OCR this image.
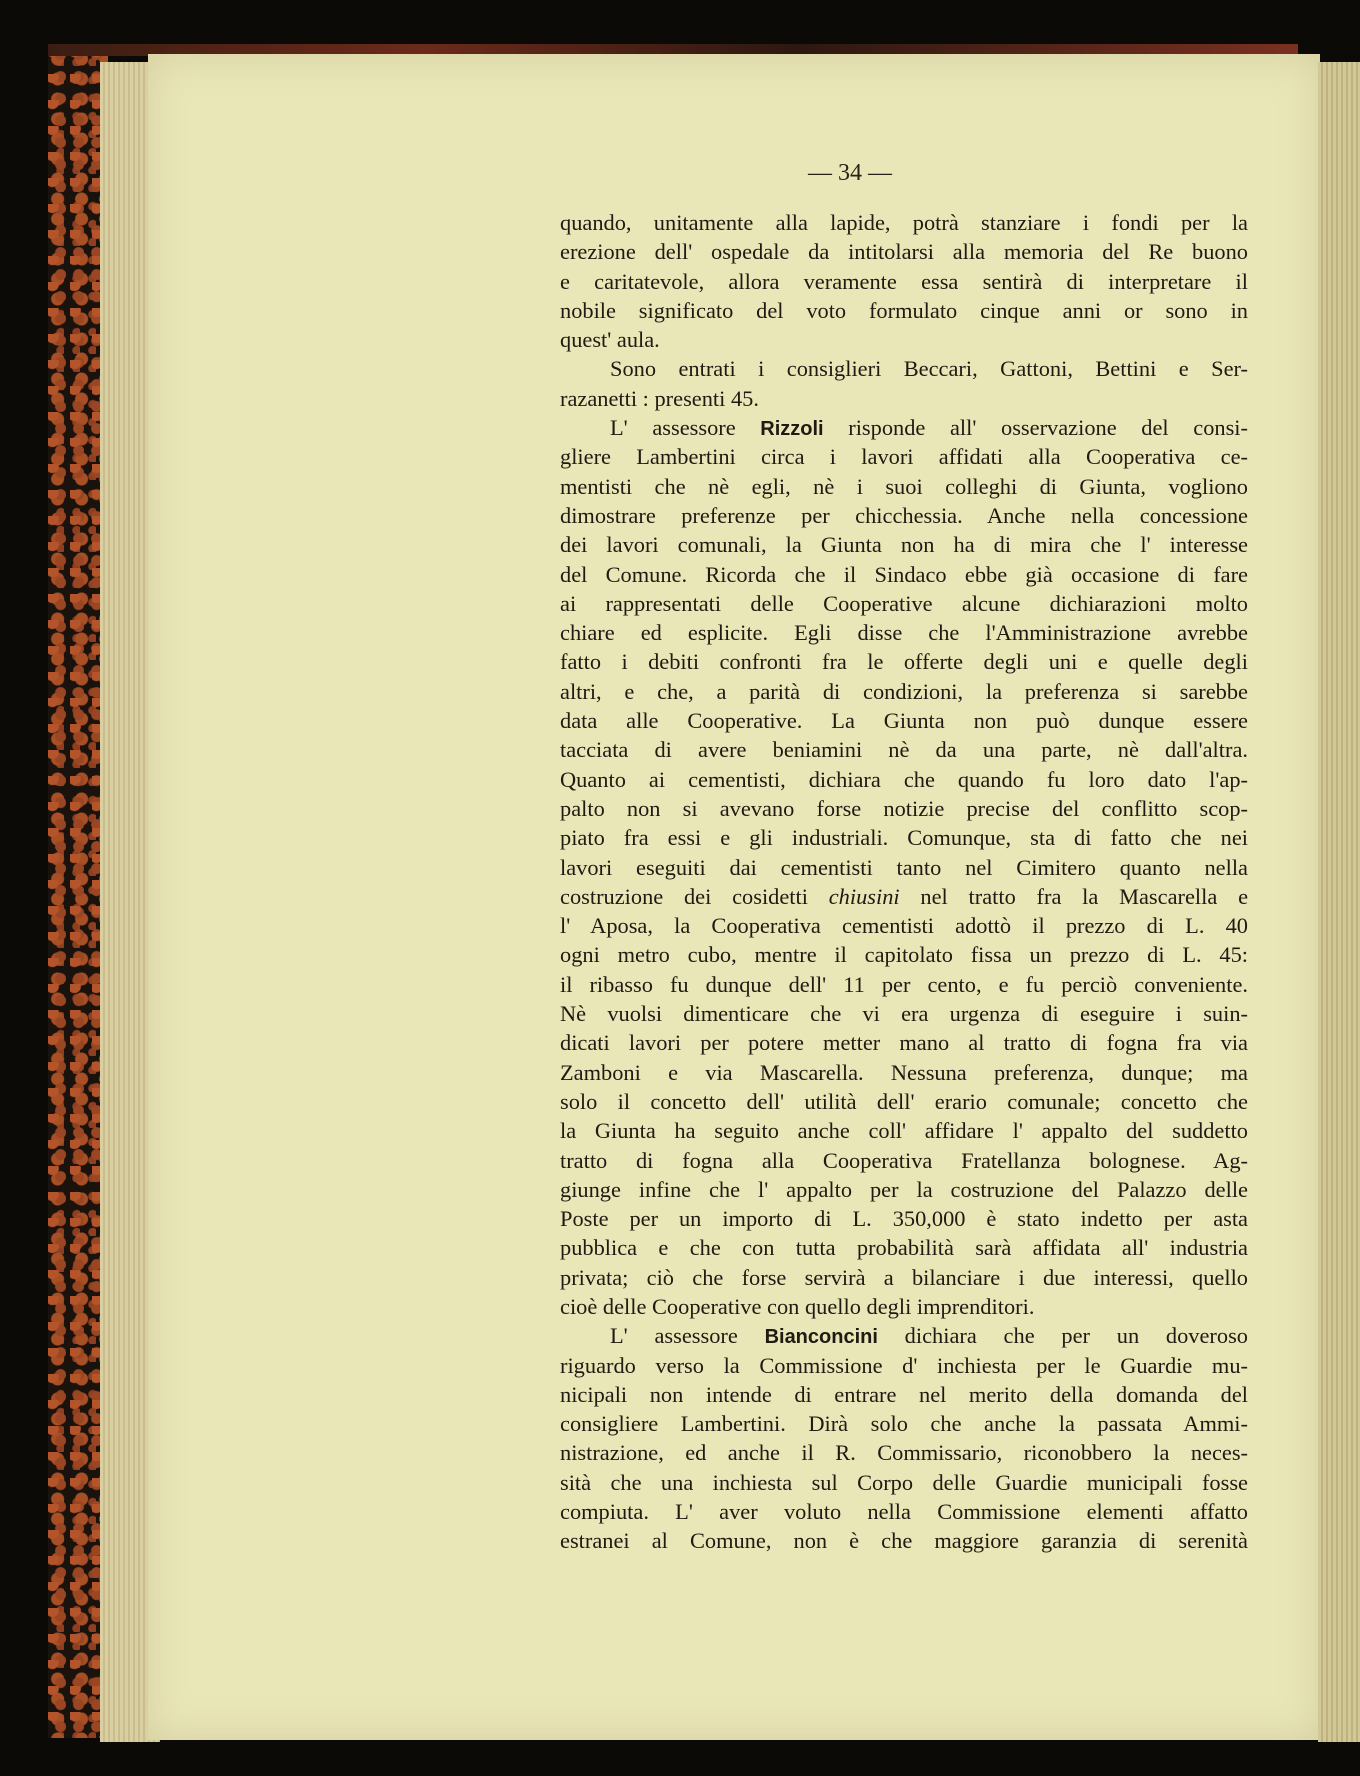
— 34 —
quando, unitamente alla lapide, potrà stanziare i fondi per la
erezione dell' ospedale da intitolarsi alla memoria del Re buono
e caritatevole, allora veramente essa sentirà di interpretare il
nobile significato del voto formulato cinque anni or sono in
quest' aula.
Sono entrati i consiglieri Beccari, Gattoni, Bettini e Ser-
razanetti : presenti 45.
L' assessore Rizzoli risponde all' osservazione del consi-
gliere Lambertini circa i lavori affidati alla Cooperativa ce-
mentisti che nè egli, nè i suoi colleghi di Giunta, vogliono
dimostrare preferenze per chicchessia. Anche nella concessione
dei lavori comunali, la Giunta non ha di mira che l' interesse
del Comune. Ricorda che il Sindaco ebbe già occasione di fare
ai rappresentati delle Cooperative alcune dichiarazioni molto
chiare ed esplicite. Egli disse che l'Amministrazione avrebbe
fatto i debiti confronti fra le offerte degli uni e quelle degli
altri, e che, a parità di condizioni, la preferenza si sarebbe
data alle Cooperative. La Giunta non può dunque essere
tacciata di avere beniamini nè da una parte, nè dall'altra.
Quanto ai cementisti, dichiara che quando fu loro dato l'ap-
palto non si avevano forse notizie precise del conflitto scop-
piato fra essi e gli industriali. Comunque, sta di fatto che nei
lavori eseguiti dai cementisti tanto nel Cimitero quanto nella
costruzione dei cosidetti chiusini nel tratto fra la Mascarella e
l' Aposa, la Cooperativa cementisti adottò il prezzo di L. 40
ogni metro cubo, mentre il capitolato fissa un prezzo di L. 45:
il ribasso fu dunque dell' 11 per cento, e fu perciò conveniente.
Nè vuolsi dimenticare che vi era urgenza di eseguire i suin-
dicati lavori per potere metter mano al tratto di fogna fra via
Zamboni e via Mascarella. Nessuna preferenza, dunque; ma
solo il concetto dell' utilità dell' erario comunale; concetto che
la Giunta ha seguito anche coll' affidare l' appalto del suddetto
tratto di fogna alla Cooperativa Fratellanza bolognese. Ag-
giunge infine che l' appalto per la costruzione del Palazzo delle
Poste per un importo di L. 350,000 è stato indetto per asta
pubblica e che con tutta probabilità sarà affidata all' industria
privata; ciò che forse servirà a bilanciare i due interessi, quello
cioè delle Cooperative con quello degli imprenditori.
L' assessore Bianconcini dichiara che per un doveroso
riguardo verso la Commissione d' inchiesta per le Guardie mu-
nicipali non intende di entrare nel merito della domanda del
consigliere Lambertini. Dirà solo che anche la passata Ammi-
nistrazione, ed anche il R. Commissario, riconobbero la neces-
sità che una inchiesta sul Corpo delle Guardie municipali fosse
compiuta. L' aver voluto nella Commissione elementi affatto
estranei al Comune, non è che maggiore garanzia di serenità
